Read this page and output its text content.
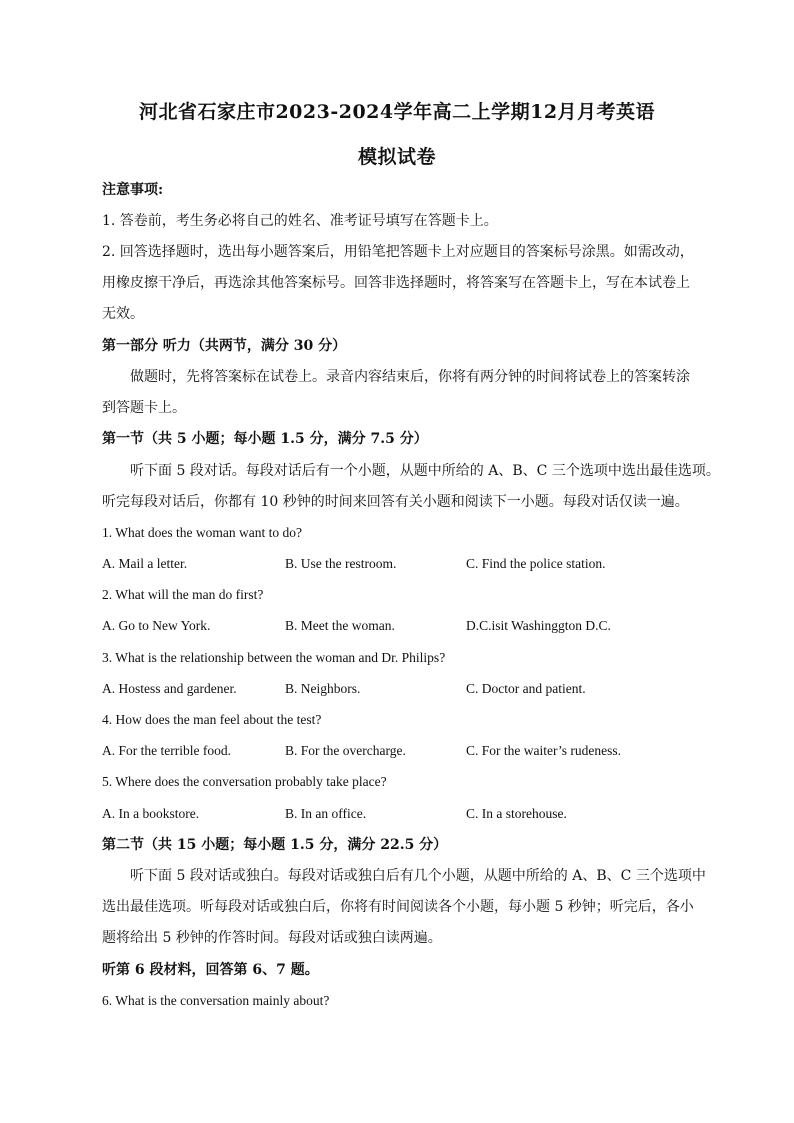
河北省石家庄市2023-2024学年高二上学期12月月考英语
模拟试卷
注意事项:
1. 答卷前，考生务必将自己的姓名、准考证号填写在答题卡上。
2. 回答选择题时，选出每小题答案后，用铅笔把答题卡上对应题目的答案标号涂黑。如需改动，
用橡皮擦干净后，再选涂其他答案标号。回答非选择题时，将答案写在答题卡上，写在本试卷上
无效。
第一部分 听力（共两节，满分 30 分）
做题时，先将答案标在试卷上。录音内容结束后，你将有两分钟的时间将试卷上的答案转涂
到答题卡上。
第一节（共 5 小题；每小题 1.5 分，满分 7.5 分）
听下面 5 段对话。每段对话后有一个小题，从题中所给的 A、B、C 三个选项中选出最佳选项。
听完每段对话后，你都有 10 秒钟的时间来回答有关小题和阅读下一小题。每段对话仅读一遍。
1. What does the woman want to do?
A. Mail a letter.	B. Use the restroom.	C. Find the police station.
2. What will the man do first?
A. Go to New York.	B. Meet the woman.	D.C.isit Washinggton D.C.
3. What is the relationship between the woman and Dr. Philips?
A. Hostess and gardener.	B. Neighbors.	C. Doctor and patient.
4. How does the man feel about the test?
A. For the terrible food.	B. For the overcharge.	C. For the waiter’s rudeness.
5. Where does the conversation probably take place?
A. In a bookstore.	B. In an office.	C. In a storehouse.
第二节（共 15 小题；每小题 1.5 分，满分 22.5 分）
听下面 5 段对话或独白。每段对话或独白后有几个小题，从题中所给的 A、B、C 三个选项中
选出最佳选项。听每段对话或独白后，你将有时间阅读各个小题，每小题 5 秒钟；听完后，各小
题将给出 5 秒钟的作答时间。每段对话或独白读两遍。
听第 6 段材料，回答第 6、7 题。
6. What is the conversation mainly about?
